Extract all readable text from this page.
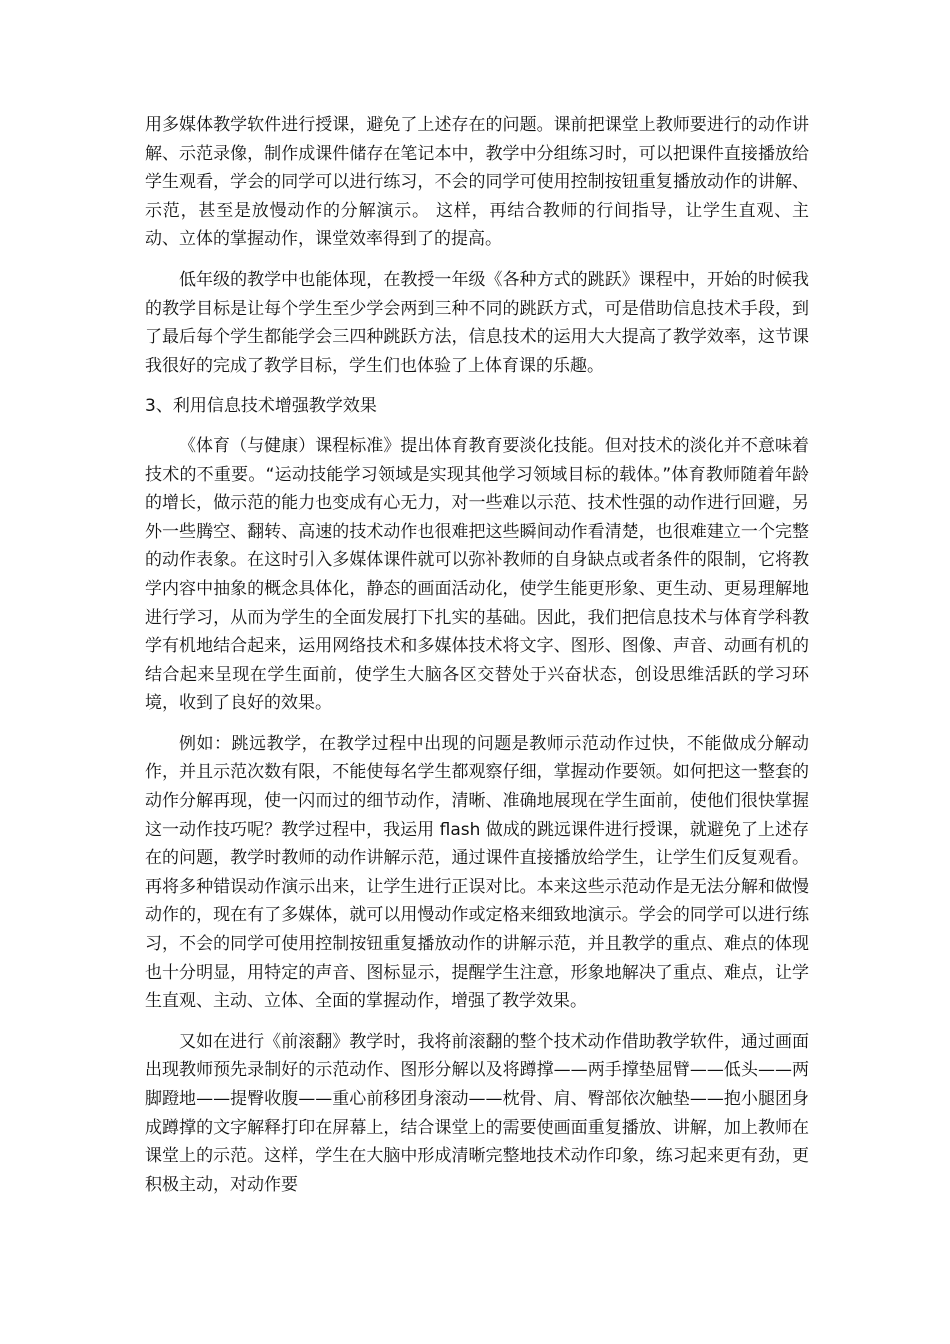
用多媒体教学软件进行授课，避免了上述存在的问题。课前把课堂上教师要进行的动作讲解、示范录像，制作成课件储存在笔记本中，教学中分组练习时，可以把课件直接播放给学生观看，学会的同学可以进行练习，不会的同学可使用控制按钮重复播放动作的讲解、示范，甚至是放慢动作的分解演示。 这样，再结合教师的行间指导，让学生直观、主动、立体的掌握动作，课堂效率得到了的提高。

低年级的教学中也能体现，在教授一年级《各种方式的跳跃》课程中，开始的时候我的教学目标是让每个学生至少学会两到三种不同的跳跃方式，可是借助信息技术手段，到了最后每个学生都能学会三四种跳跃方法，信息技术的运用大大提高了教学效率，这节课我很好的完成了教学目标，学生们也体验了上体育课的乐趣。

3、利用信息技术增强教学效果

《体育（与健康）课程标准》提出体育教育要淡化技能。但对技术的淡化并不意味着技术的不重要。“运动技能学习领域是实现其他学习领域目标的载体。”体育教师随着年龄的增长，做示范的能力也变成有心无力，对一些难以示范、技术性强的动作进行回避，另外一些腾空、翻转、高速的技术动作也很难把这些瞬间动作看清楚，也很难建立一个完整的动作表象。在这时引入多媒体课件就可以弥补教师的自身缺点或者条件的限制，它将教学内容中抽象的概念具体化，静态的画面活动化，使学生能更形象、更生动、更易理解地进行学习，从而为学生的全面发展打下扎实的基础。因此，我们把信息技术与体育学科教学有机地结合起来，运用网络技术和多媒体技术将文字、图形、图像、声音、动画有机的结合起来呈现在学生面前，使学生大脑各区交替处于兴奋状态，创设思维活跃的学习环境，收到了良好的效果。

例如：跳远教学，在教学过程中出现的问题是教师示范动作过快，不能做成分解动作，并且示范次数有限，不能使每名学生都观察仔细，掌握动作要领。如何把这一整套的动作分解再现，使一闪而过的细节动作，清晰、准确地展现在学生面前，使他们很快掌握这一动作技巧呢？教学过程中，我运用 flash 做成的跳远课件进行授课，就避免了上述存在的问题，教学时教师的动作讲解示范，通过课件直接播放给学生，让学生们反复观看。再将多种错误动作演示出来，让学生进行正误对比。本来这些示范动作是无法分解和做慢动作的，现在有了多媒体，就可以用慢动作或定格来细致地演示。学会的同学可以进行练习，不会的同学可使用控制按钮重复播放动作的讲解示范，并且教学的重点、难点的体现也十分明显，用特定的声音、图标显示，提醒学生注意，形象地解决了重点、难点，让学生直观、主动、立体、全面的掌握动作，增强了教学效果。

又如在进行《前滚翻》教学时，我将前滚翻的整个技术动作借助教学软件，通过画面出现教师预先录制好的示范动作、图形分解以及将蹲撑——两手撑垫屈臂——低头——两脚蹬地——提臀收腹——重心前移团身滚动——枕骨、肩、臀部依次触垫——抱小腿团身成蹲撑的文字解释打印在屏幕上，结合课堂上的需要使画面重复播放、讲解，加上教师在课堂上的示范。这样，学生在大脑中形成清晰完整地技术动作印象，练习起来更有劲，更积极主动，对动作要
